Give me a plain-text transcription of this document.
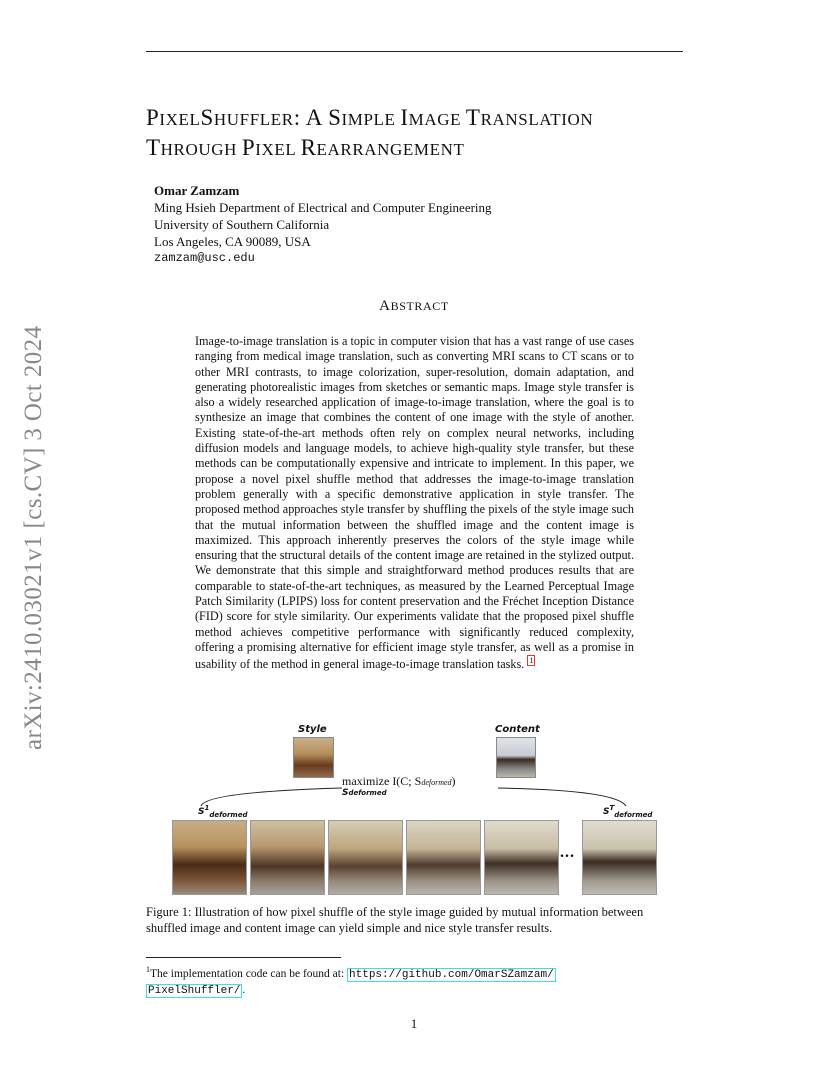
PIXELSHUFFLER: A SIMPLE IMAGE TRANSLATION
THROUGH PIXEL REARRANGEMENT
Omar Zamzam
Ming Hsieh Department of Electrical and Computer Engineering
University of Southern California
Los Angeles, CA 90089, USA
zamzam@usc.edu
arXiv:2410.03021v1 [cs.CV] 3 Oct 2024
ABSTRACT
Image-to-image translation is a topic in computer vision that has a vast range of use cases ranging from medical image translation, such as converting MRI scans to CT scans or to other MRI contrasts, to image colorization, super-resolution, domain adaptation, and generating photorealistic images from sketches or semantic maps. Image style transfer is also a widely researched application of image-to-image translation, where the goal is to synthesize an image that combines the content of one image with the style of another. Existing state-of-the-art methods often rely on complex neural networks, including diffusion models and language models, to achieve high-quality style transfer, but these methods can be computationally expensive and intricate to implement. In this paper, we propose a novel pixel shuffle method that addresses the image-to-image translation problem generally with a specific demonstrative application in style transfer. The proposed method approaches style transfer by shuffling the pixels of the style image such that the mutual information between the shuffled image and the content image is maximized. This approach inherently preserves the colors of the style image while ensuring that the structural details of the content image are retained in the stylized output. We demonstrate that this simple and straightforward method produces results that are comparable to state-of-the-art techniques, as measured by the Learned Perceptual Image Patch Similarity (LPIPS) loss for content preservation and the Fréchet Inception Distance (FID) score for style similarity. Our experiments validate that the proposed pixel shuffle method achieves competitive performance with significantly reduced complexity, offering a promising alternative for efficient image style transfer, as well as a promise in usability of the method in general image-to-image translation tasks. 1
Style	Content
maximize I(C; Sdeformed)
Sdeformed
$S^1_{deformed}$	$S^T_{deformed}$
...
Figure 1: Illustration of how pixel shuffle of the style image guided by mutual information between shuffled image and content image can yield simple and nice style transfer results.
$^1$The implementation code can be found at: https://github.com/OmarSZamzam/
PixelShuffler/ .
1
